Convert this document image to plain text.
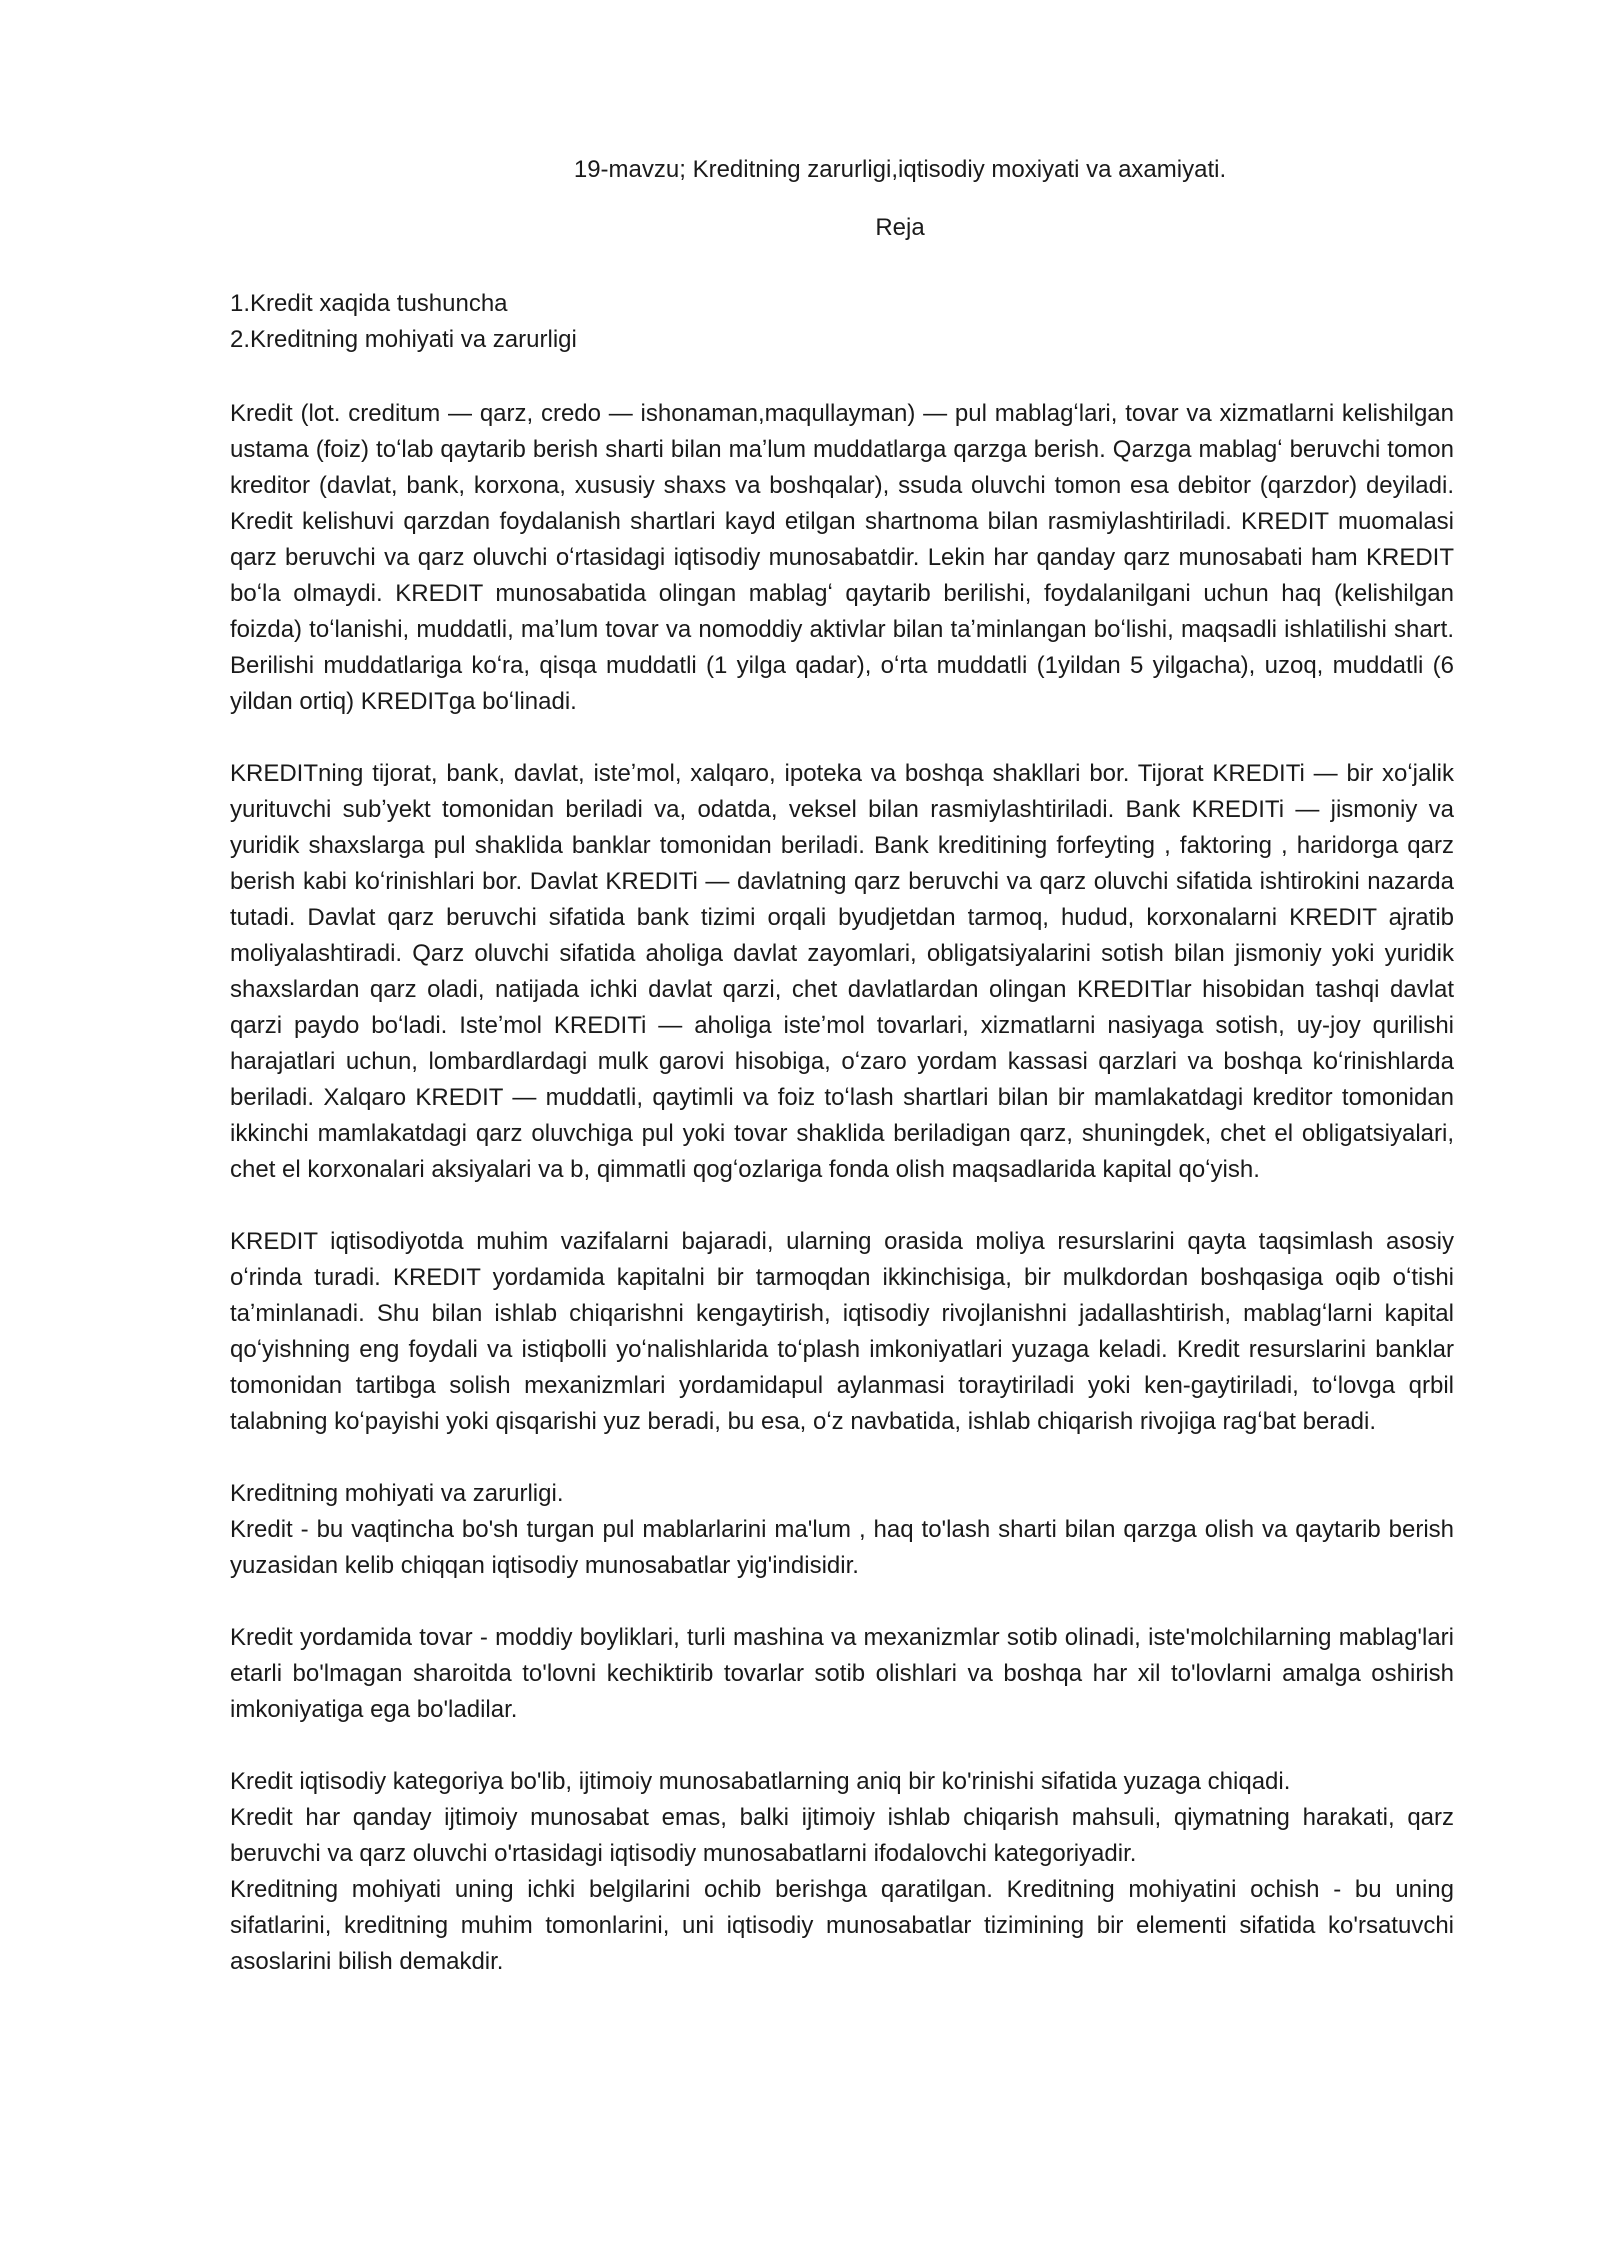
19-mavzu; Kreditning zarurligi,iqtisodiy moxiyati va axamiyati.
Reja
1.Kredit xaqida tushuncha
2.Kreditning mohiyati va zarurligi

Kredit (lot. creditum — qarz, credo — ishonaman,maqullayman) — pul mablagʻlari, tovar va xizmatlarni kelishilgan ustama (foiz) toʻlab qaytarib berish sharti bilan maʼlum muddatlarga qarzga berish. Qarzga mablagʻ beruvchi tomon kreditor (davlat, bank, korxona, xususiy shaxs va boshqalar), ssuda oluvchi tomon esa debitor (qarzdor) deyiladi. Kredit kelishuvi qarzdan foydalanish shartlari kayd etilgan shartnoma bilan rasmiylashtiriladi. KREDIT muomalasi qarz beruvchi va qarz oluvchi oʻrtasidagi iqtisodiy munosabatdir. Lekin har qanday qarz munosabati ham KREDIT boʻla olmaydi. KREDIT munosabatida olingan mablagʻ qaytarib berilishi, foydalanilgani uchun haq (kelishilgan foizda) toʻlanishi, muddatli, maʼlum tovar va nomoddiy aktivlar bilan taʼminlangan boʻlishi, maqsadli ishlatilishi shart. Berilishi muddatlariga koʻra, qisqa muddatli (1 yilga qadar), oʻrta muddatli (1yildan 5 yilgacha), uzoq, muddatli (6 yildan ortiq) KREDITga boʻlinadi.

KREDITning tijorat, bank, davlat, isteʼmol, xalqaro, ipoteka va boshqa shakllari bor. Tijorat KREDITi — bir xoʻjalik yurituvchi subʼyekt tomonidan beriladi va, odatda, veksel bilan rasmiylashtiriladi. Bank KREDITi — jismoniy va yuridik shaxslarga pul shaklida banklar tomonidan beriladi. Bank kreditining forfeyting , faktoring , haridorga qarz berish kabi koʻrinishlari bor. Davlat KREDITi — davlatning qarz beruvchi va qarz oluvchi sifatida ishtirokini nazarda tutadi. Davlat qarz beruvchi sifatida bank tizimi orqali byudjetdan tarmoq, hudud, korxonalarni KREDIT ajratib moliyalashtiradi. Qarz oluvchi sifatida aholiga davlat zayomlari, obligatsiyalarini sotish bilan jismoniy yoki yuridik shaxslardan qarz oladi, natijada ichki davlat qarzi, chet davlatlardan olingan KREDITlar hisobidan tashqi davlat qarzi paydo boʻladi. Isteʼmol KREDITi — aholiga isteʼmol tovarlari, xizmatlarni nasiyaga sotish, uy-joy qurilishi harajatlari uchun, lombardlardagi mulk garovi hisobiga, oʻzaro yordam kassasi qarzlari va boshqa koʻrinishlarda beriladi. Xalqaro KREDIT — muddatli, qaytimli va foiz toʻlash shartlari bilan bir mamlakatdagi kreditor tomonidan ikkinchi mamlakatdagi qarz oluvchiga pul yoki tovar shaklida beriladigan qarz, shuningdek, chet el obligatsiyalari, chet el korxonalari aksiyalari va b, qimmatli qogʻozlariga fonda olish maqsadlarida kapital qoʻyish.

KREDIT iqtisodiyotda muhim vazifalarni bajaradi, ularning orasida moliya resurslarini qayta taqsimlash asosiy oʻrinda turadi. KREDIT yordamida kapitalni bir tarmoqdan ikkinchisiga, bir mulkdordan boshqasiga oqib oʻtishi taʼminlanadi. Shu bilan ishlab chiqarishni kengaytirish, iqtisodiy rivojlanishni jadallashtirish, mablagʻlarni kapital qoʻyishning eng foydali va istiqbolli yoʻnalishlarida toʻplash imkoniyatlari yuzaga keladi. Kredit resurslarini banklar tomonidan tartibga solish mexanizmlari yordamidapul aylanmasi toraytiriladi yoki ken-gaytiriladi, toʻlovga qrbil talabning koʻpayishi yoki qisqarishi yuz beradi, bu esa, oʻz navbatida, ishlab chiqarish rivojiga ragʻbat beradi.

Kreditning mohiyati va zarurligi.

Kredit - bu vaqtincha bo'sh turgan pul mablarlarini ma'lum , haq to'lash sharti bilan qarzga olish va qaytarib berish yuzasidan kelib chiqqan iqtisodiy munosabatlar yig'indisidir.

Kredit yordamida tovar - moddiy boyliklari, turli mashina va mexanizmlar sotib olinadi, iste'molchilarning mablag'lari etarli bo'lmagan sharoitda to'lovni kechiktirib tovarlar sotib olishlari va boshqa har xil to'lovlarni amalga oshirish imkoniyatiga ega bo'ladilar.

Kredit iqtisodiy kategoriya bo'lib, ijtimoiy munosabatlarning aniq bir ko'rinishi sifatida yuzaga chiqadi.

Kredit har qanday ijtimoiy munosabat emas, balki ijtimoiy ishlab chiqarish mahsuli, qiymatning harakati, qarz beruvchi va qarz oluvchi o'rtasidagi iqtisodiy munosabatlarni ifodalovchi kategoriyadir.

Kreditning mohiyati uning ichki belgilarini ochib berishga qaratilgan. Kreditning mohiyatini ochish - bu uning sifatlarini, kreditning muhim tomonlarini, uni iqtisodiy munosabatlar tizimining bir elementi sifatida ko'rsatuvchi asoslarini bilish demakdir.
